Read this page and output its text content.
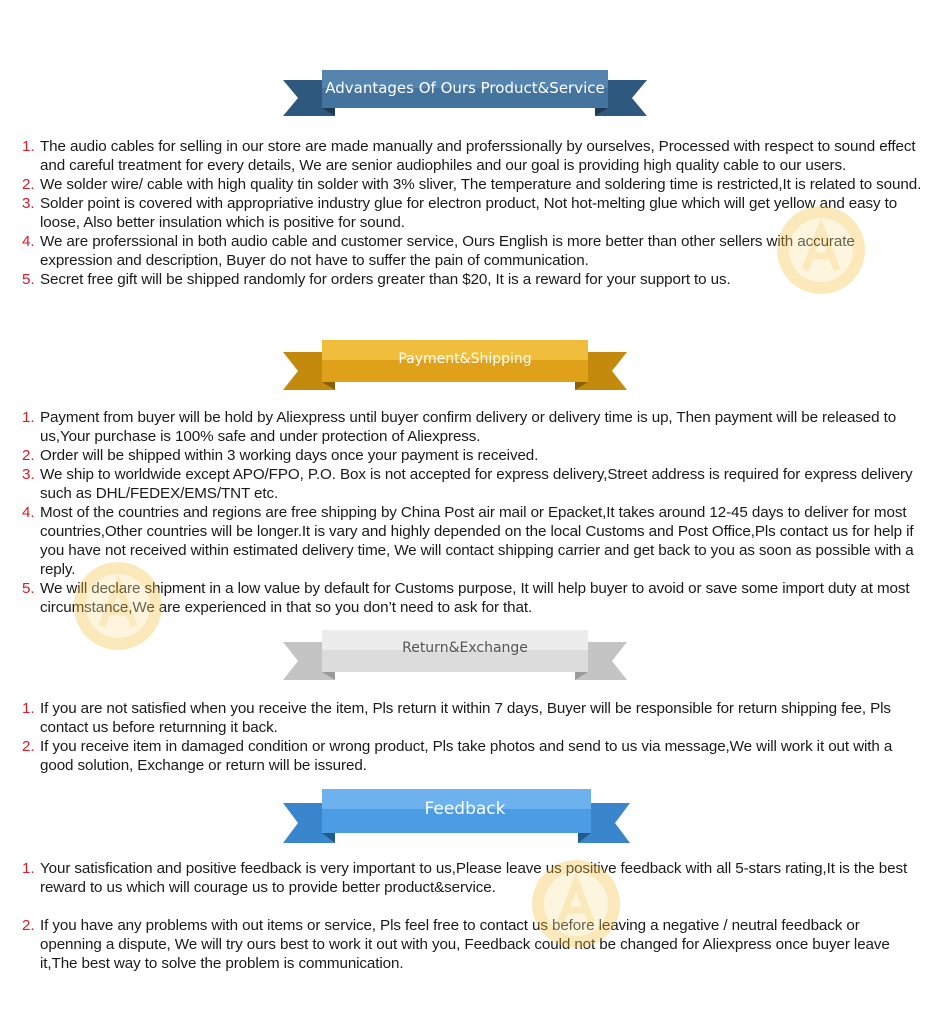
Advantages Of Ours Product&Service
1. The audio cables for selling in our store are made manually and proferssionally by ourselves, Processed with respect to sound effect and careful treatment for every details, We are senior audiophiles and our goal is providing high quality cable to our users.
2. We solder wire/ cable with high quality tin solder with 3% sliver, The temperature and soldering time is restricted,It is related to sound.
3. Solder point is covered with appropriative industry glue for electron product, Not hot-melting glue which will get yellow and easy to loose, Also better insulation which is positive for sound.
4. We are proferssional in both audio cable and customer service, Ours English is more better than other sellers with accurate expression and description, Buyer do not have to suffer the pain of communication.
5. Secret free gift will be shipped randomly for orders greater than $20, It is a reward for your support to us.
Payment&Shipping
1. Payment from buyer will be hold by Aliexpress until buyer confirm delivery or delivery time is up, Then payment will be released to us,Your purchase is 100% safe and under protection of Aliexpress.
2. Order will be shipped within 3 working days once your payment is received.
3. We ship to worldwide except APO/FPO, P.O. Box is not accepted for express delivery,Street address is required for express delivery such as DHL/FEDEX/EMS/TNT etc.
4. Most of the countries and regions are free shipping by China Post air mail or Epacket,It takes around 12-45 days to deliver for most countries,Other countries will be longer.It is vary and highly depended on the local Customs and Post Office,Pls contact us for help if you have not received within estimated delivery time, We will contact shipping carrier and get back to you as soon as possible with a reply.
5. We will declare shipment in a low value by default for Customs purpose, It will help buyer to avoid or save some import duty at most circumstance,We are experienced in that so you don’t need to ask for that.
Return&Exchange
1. If you are not satisfied when you receive the item, Pls return it within 7 days, Buyer will be responsible for return shipping fee, Pls contact us before returnning it back.
2. If you receive item in damaged condition or wrong product, Pls take photos and send to us via message,We will work it out with a good solution, Exchange or return will be issured.
Feedback
1. Your satisfication and positive feedback is very important to us,Please leave us positive feedback with all 5-stars rating,It is the best reward to us which will courage us to provide better product&service.
2. If you have any problems with out items or service, Pls feel free to contact us before leaving a negative / neutral feedback or openning a dispute, We will try ours best to work it out with you, Feedback could not be changed for Aliexpress once buyer leave it,The best way to solve the problem is communication.
